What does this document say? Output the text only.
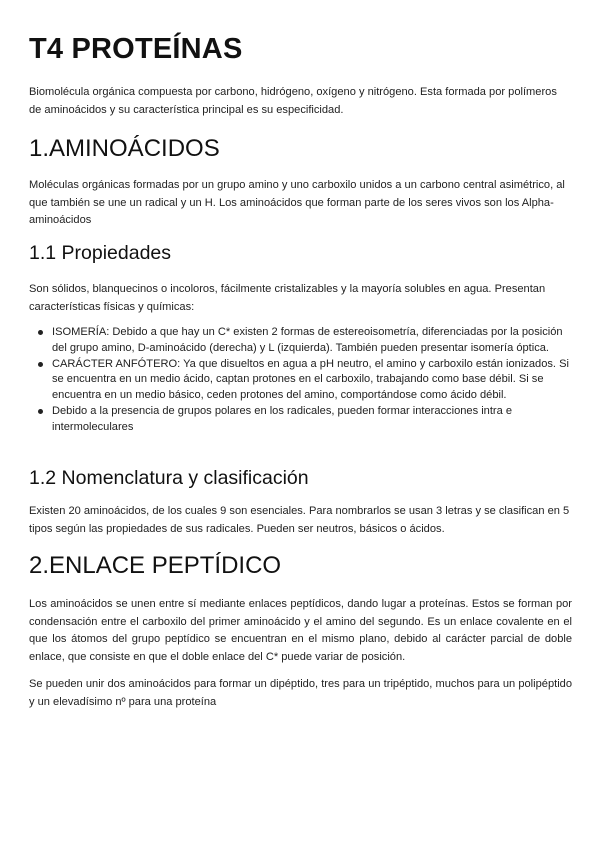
T4 PROTEÍNAS

Biomolécula orgánica compuesta por carbono, hidrógeno, oxígeno y nitrógeno. Esta formada por polímeros de aminoácidos y su característica principal es su especificidad.

1.AMINOÁCIDOS

Moléculas orgánicas formadas por un grupo amino y uno carboxilo unidos a un carbono central asimétrico, al que también se une un radical y un H. Los aminoácidos que forman parte de los seres vivos son los Alpha-aminoácidos

1.1 Propiedades

Son sólidos, blanquecinos o incoloros, fácilmente cristalizables y la mayoría solubles en agua. Presentan características físicas y químicas:

ISOMERÍA: Debido a que hay un C* existen 2 formas de estereoisometría, diferenciadas por la posición del grupo amino, D-aminoácido (derecha) y L (izquierda). También pueden presentar isomería óptica.
CARÁCTER ANFÓTERO: Ya que disueltos en agua a pH neutro, el amino y carboxilo están ionizados. Si se encuentra en un medio ácido, captan protones en el carboxilo, trabajando como base débil. Si se encuentra en un medio básico, ceden protones del amino, comportándose como ácido débil.
Debido a la presencia de grupos polares en los radicales, pueden formar interacciones intra e intermoleculares
1.2 Nomenclatura y clasificación

Existen 20 aminoácidos, de los cuales 9 son esenciales. Para nombrarlos se usan 3 letras y se clasifican en 5 tipos según las propiedades de sus radicales. Pueden ser neutros, básicos o ácidos.

2.ENLACE PEPTÍDICO

Los aminoácidos se unen entre sí mediante enlaces peptídicos, dando lugar a proteínas. Estos se forman por condensación entre el carboxilo del primer aminoácido y el amino del segundo. Es un enlace covalente en el que los átomos del grupo peptídico se encuentran en el mismo plano, debido al carácter parcial de doble enlace, que consiste en que el doble enlace del C* puede variar de posición.

Se pueden unir dos aminoácidos para formar un dipéptido, tres para un tripéptido, muchos para un polipéptido y un elevadísimo nº para una proteína
